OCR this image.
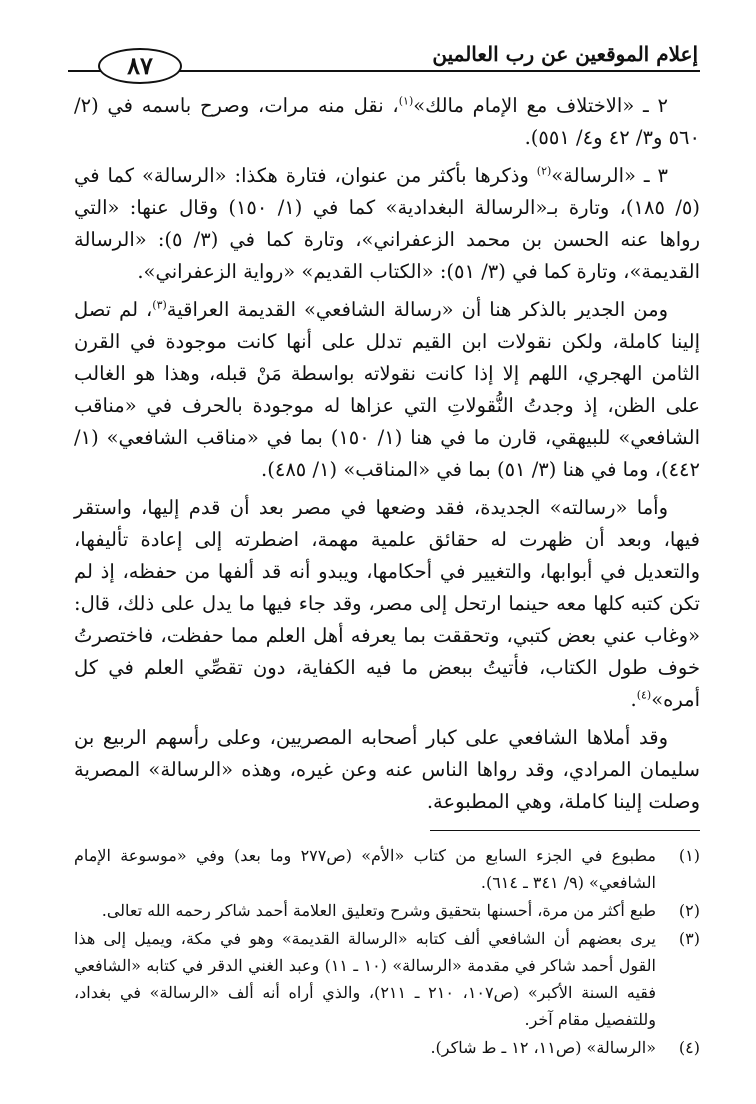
إعلام الموقعين عن رب العالمين
٨٧

٢ ـ «الاختلاف مع الإمام مالك»$^{(١)}$، نقل منه مرات، وصرح باسمه في (٢/ ٥٦٠ و٣/ ٤٢ و٤/ ٥٥١).

٣ ـ «الرسالة»$^{(٢)}$ وذكرها بأكثر من عنوان، فتارة هكذا: «الرسالة» كما في (٥/ ١٨٥)، وتارة بـ«الرسالة البغدادية» كما في (١/ ١٥٠) وقال عنها: «التي رواها عنه الحسن بن محمد الزعفراني»، وتارة كما في (٣/ ٥): «الرسالة القديمة»، وتارة كما في (٣/ ٥١): «الكتاب القديم» «رواية الزعفراني».

ومن الجدير بالذكر هنا أن «رسالة الشافعي» القديمة العراقية$^{(٣)}$، لم تصل إلينا كاملة، ولكن نقولات ابن القيم تدلل على أنها كانت موجودة في القرن الثامن الهجري، اللهم إلا إذا كانت نقولاته بواسطة مَنْ قبله، وهذا هو الغالب على الظن، إذ وجدتُ النُّقولاتِ التي عزاها له موجودة بالحرف في «مناقب الشافعي» للبيهقي، قارن ما في هنا (١/ ١٥٠) بما في «مناقب الشافعي» (١/ ٤٤٢)، وما في هنا (٣/ ٥١) بما في «المناقب» (١/ ٤٨٥).

وأما «رسالته» الجديدة، فقد وضعها في مصر بعد أن قدم إليها، واستقر فيها، وبعد أن ظهرت له حقائق علمية مهمة، اضطرته إلى إعادة تأليفها، والتعديل في أبوابها، والتغيير في أحكامها، ويبدو أنه قد ألفها من حفظه، إذ لم تكن كتبه كلها معه حينما ارتحل إلى مصر، وقد جاء فيها ما يدل على ذلك، قال: «وغاب عني بعض كتبي، وتحققت بما يعرفه أهل العلم مما حفظت، فاختصرتُ خوف طول الكتاب، فأتيتُ ببعض ما فيه الكفاية، دون تقصِّي العلم في كل أمره»$^{(٤)}$.

وقد أملاها الشافعي على كبار أصحابه المصريين، وعلى رأسهم الربيع بن سليمان المرادي، وقد رواها الناس عنه وعن غيره، وهذه «الرسالة» المصرية وصلت إلينا كاملة، وهي المطبوعة.

(١)
مطبوع في الجزء السابع من كتاب «الأم» (ص٢٧٧ وما بعد) وفي «موسوعة الإمام الشافعي» (٩/ ٣٤١ ـ ٦١٤).
(٢)
طبع أكثر من مرة، أحسنها بتحقيق وشرح وتعليق العلامة أحمد شاكر رحمه الله تعالى.
(٣)
يرى بعضهم أن الشافعي ألف كتابه «الرسالة القديمة» وهو في مكة، ويميل إلى هذا القول أحمد شاكر في مقدمة «الرسالة» (١٠ ـ ١١) وعبد الغني الدقر في كتابه «الشافعي فقيه السنة الأكبر» (ص١٠٧، ٢١٠ ـ ٢١١)، والذي أراه أنه ألف «الرسالة» في بغداد، وللتفصيل مقام آخر.
(٤)
«الرسالة» (ص١١، ١٢ ـ ط شاكر).
